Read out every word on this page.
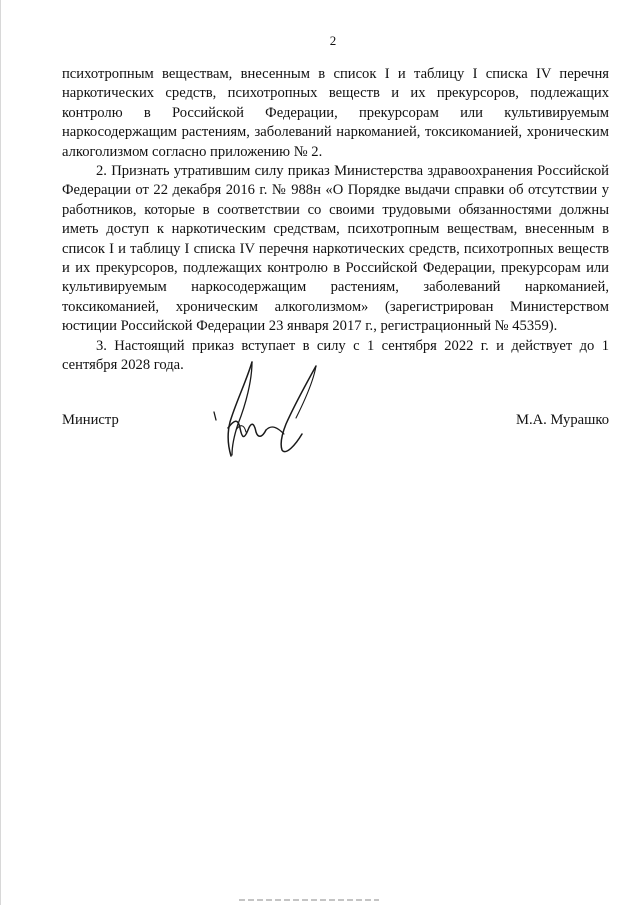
2

психотропным веществам, внесенным в список I и таблицу I списка IV перечня наркотических средств, психотропных веществ и их прекурсоров, подлежащих контролю в Российской Федерации, прекурсорам или культивируемым наркосодержащим растениям, заболеваний наркоманией, токсикоманией, хроническим алкоголизмом согласно приложению № 2.

2. Признать утратившим силу приказ Министерства здравоохранения Российской Федерации от 22 декабря 2016 г. № 988н «О Порядке выдачи справки об отсутствии у работников, которые в соответствии со своими трудовыми обязанностями должны иметь доступ к наркотическим средствам, психотропным веществам, внесенным в список I и таблицу I списка IV перечня наркотических средств, психотропных веществ и их прекурсоров, подлежащих контролю в Российской Федерации, прекурсорам или культивируемым наркосодержащим растениям, заболеваний наркоманией, токсикоманией, хроническим алкоголизмом» (зарегистрирован Министерством юстиции Российской Федерации 23 января 2017 г., регистрационный № 45359).

3. Настоящий приказ вступает в силу с 1 сентября 2022 г. и действует до 1 сентября 2028 года.

Министр	М.А. Мурашко
